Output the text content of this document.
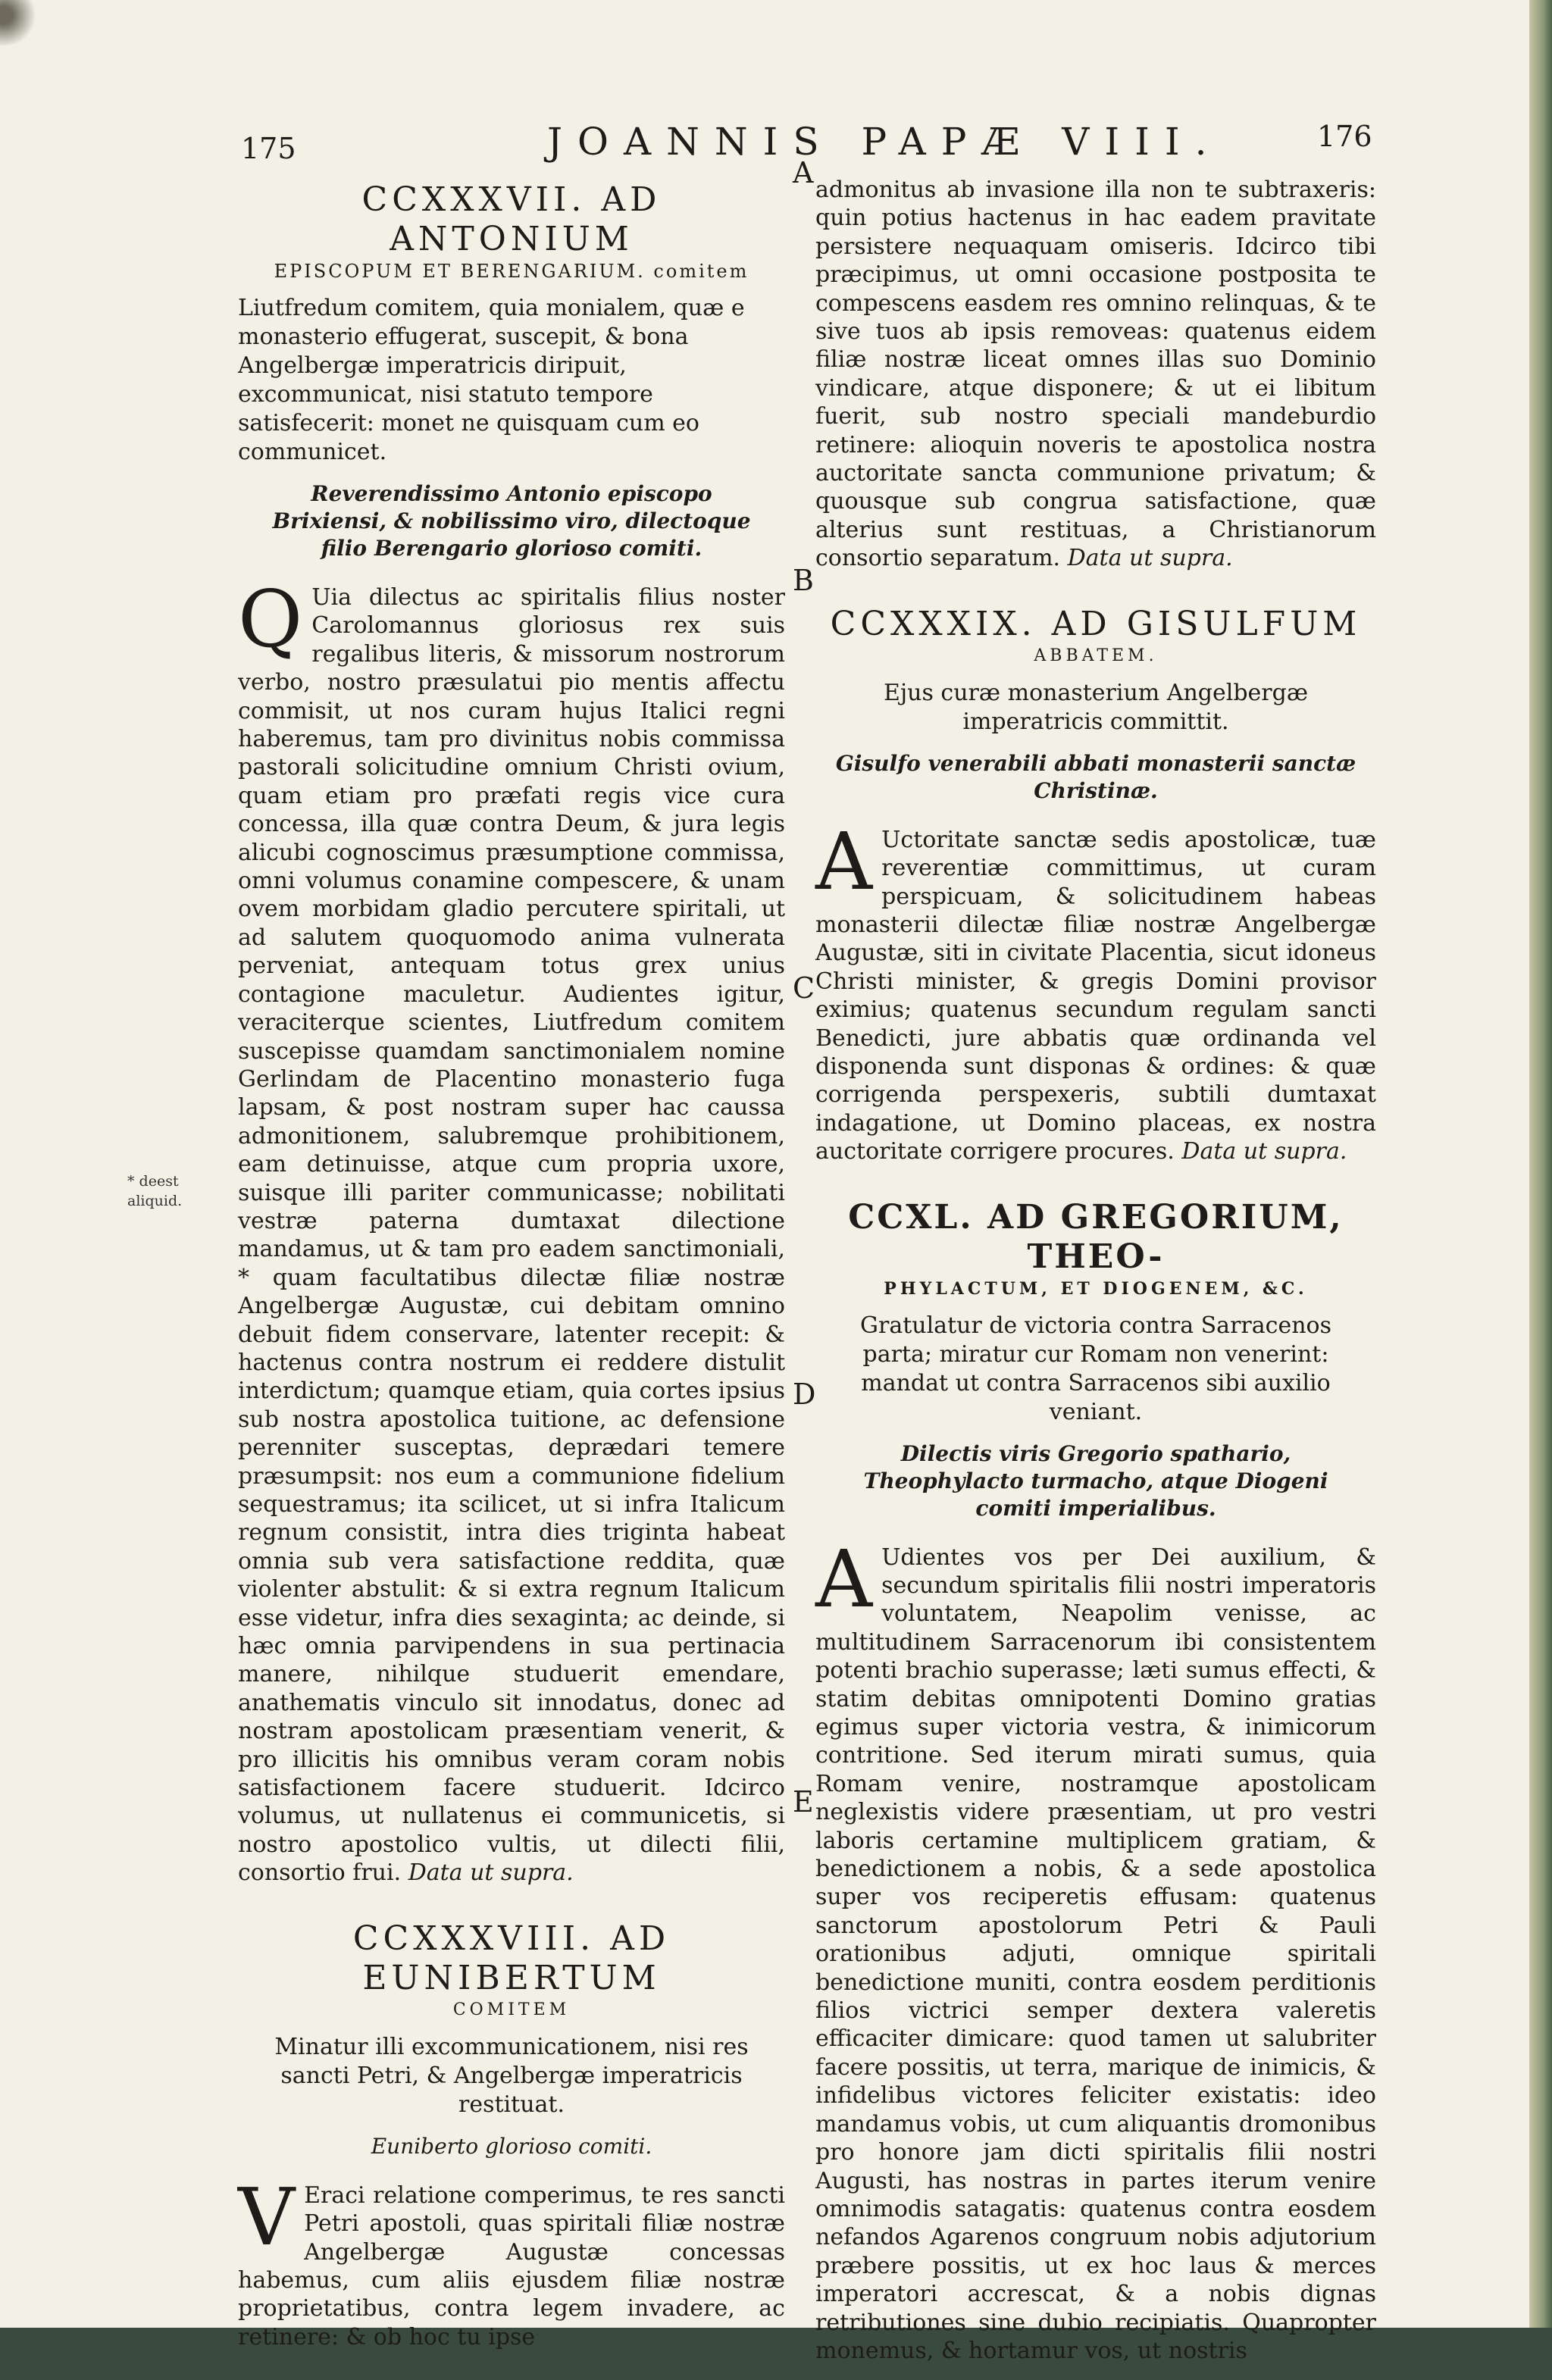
175	JOANNIS PAPÆ VIII.	176
A
B
C
D
E
* deest aliquid.
CCXXXVII. AD ANTONIUM
EPISCOPUM ET BERENGARIUM. comitem
Liutfredum comitem, quia monialem, quæ e monasterio effugerat, suscepit, & bona Angelbergæ imperatricis diripuit, excommunicat, nisi statuto tempore satisfecerit: monet ne quisquam cum eo communicet.
Reverendissimo Antonio episcopo Brixiensi, & nobilissimo viro, dilectoque filio Berengario glorioso comiti.
Q Uia dilectus ac spiritalis filius noster Carolomannus gloriosus rex suis regalibus literis, & missorum nostrorum verbo, nostro præsulatui pio mentis affectu commisit, ut nos curam hujus Italici regni haberemus, tam pro divinitus nobis commissa pastorali solicitudine omnium Christi ovium, quam etiam pro præfati regis vice cura concessa, illa quæ contra Deum, & jura legis alicubi cognoscimus præsumptione commissa, omni volumus conamine compescere, & unam ovem morbidam gladio percutere spiritali, ut ad salutem quoquomodo anima vulnerata perveniat, antequam totus grex unius contagione maculetur. Audientes igitur, veraciterque scientes, Liutfredum comitem suscepisse quamdam sanctimonialem nomine Gerlindam de Placentino monasterio fuga lapsam, & post nostram super hac caussa admonitionem, salubremque prohibitionem, eam detinuisse, atque cum propria uxore, suisque illi pariter communicasse; nobilitati vestræ paterna dumtaxat dilectione mandamus, ut & tam pro eadem sanctimoniali, * quam facultatibus dilectæ filiæ nostræ Angelbergæ Augustæ, cui debitam omnino debuit fidem conservare, latenter recepit: & hactenus contra nostrum ei reddere distulit interdictum; quamque etiam, quia cortes ipsius sub nostra apostolica tuitione, ac defensione perenniter susceptas, deprædari temere præsumpsit: nos eum a communione fidelium sequestramus; ita scilicet, ut si infra Italicum regnum consistit, intra dies triginta habeat omnia sub vera satisfactione reddita, quæ violenter abstulit: & si extra regnum Italicum esse videtur, infra dies sexaginta; ac deinde, si hæc omnia parvipendens in sua pertinacia manere, nihilque studuerit emendare, anathematis vinculo sit innodatus, donec ad nostram apostolicam præsentiam venerit, & pro illicitis his omnibus veram coram nobis satisfactionem facere studuerit. Idcirco volumus, ut nullatenus ei communicetis, si nostro apostolico vultis, ut dilecti filii, consortio frui. Data ut supra.
CCXXXVIII. AD EUNIBERTUM
COMITEM
Minatur illi excommunicationem, nisi res sancti Petri, & Angelbergæ imperatricis restituat.
Euniberto glorioso comiti.
V Eraci relatione comperimus, te res sancti Petri apostoli, quas spiritali filiæ nostræ Angelbergæ Augustæ concessas habemus, cum aliis ejusdem filiæ nostræ proprietatibus, contra legem invadere, ac retinere: & ob hoc tu ipse
admonitus ab invasione illa non te subtraxeris: quin potius hactenus in hac eadem pravitate persistere nequaquam omiseris. Idcirco tibi præcipimus, ut omni occasione postposita te compescens easdem res omnino relinquas, & te sive tuos ab ipsis removeas: quatenus eidem filiæ nostræ liceat omnes illas suo Dominio vindicare, atque disponere; & ut ei libitum fuerit, sub nostro speciali mandeburdio retinere: alioquin noveris te apostolica nostra auctoritate sancta communione privatum; & quousque sub congrua satisfactione, quæ alterius sunt restituas, a Christianorum consortio separatum. Data ut supra.
CCXXXIX. AD GISULFUM
ABBATEM.
Ejus curæ monasterium Angelbergæ imperatricis committit.
Gisulfo venerabili abbati monasterii sanctæ Christinæ.
A Uctoritate sanctæ sedis apostolicæ, tuæ reverentiæ committimus, ut curam perspicuam, & solicitudinem habeas monasterii dilectæ filiæ nostræ Angelbergæ Augustæ, siti in civitate Placentia, sicut idoneus Christi minister, & gregis Domini provisor eximius; quatenus secundum regulam sancti Benedicti, jure abbatis quæ ordinanda vel disponenda sunt disponas & ordines: & quæ corrigenda perspexeris, subtili dumtaxat indagatione, ut Domino placeas, ex nostra auctoritate corrigere procures. Data ut supra.
CCXL. AD GREGORIUM, THEO-
PHYLACTUM, ET DIOGENEM, &C.
Gratulatur de victoria contra Sarracenos parta; miratur cur Romam non venerint: mandat ut contra Sarracenos sibi auxilio veniant.
Dilectis viris Gregorio spathario, Theophylacto turmacho, atque Diogeni comiti imperialibus.
A Udientes vos per Dei auxilium, & secundum spiritalis filii nostri imperatoris voluntatem, Neapolim venisse, ac multitudinem Sarracenorum ibi consistentem potenti brachio superasse; læti sumus effecti, & statim debitas omnipotenti Domino gratias egimus super victoria vestra, & inimicorum contritione. Sed iterum mirati sumus, quia Romam venire, nostramque apostolicam neglexistis videre præsentiam, ut pro vestri laboris certamine multiplicem gratiam, & benedictionem a nobis, & a sede apostolica super vos reciperetis effusam: quatenus sanctorum apostolorum Petri & Pauli orationibus adjuti, omnique spiritali benedictione muniti, contra eosdem perditionis filios victrici semper dextera valeretis efficaciter dimicare: quod tamen ut salubriter facere possitis, ut terra, marique de inimicis, & infidelibus victores feliciter existatis: ideo mandamus vobis, ut cum aliquantis dromonibus pro honore jam dicti spiritalis filii nostri Augusti, has nostras in partes iterum venire omnimodis satagatis: quatenus contra eosdem nefandos Agarenos congruum nobis adjutorium præbere possitis, ut ex hoc laus & merces imperatori accrescat, & a nobis dignas retributiones sine dubio recipiatis. Quapropter monemus, & hortamur vos, ut nostris
